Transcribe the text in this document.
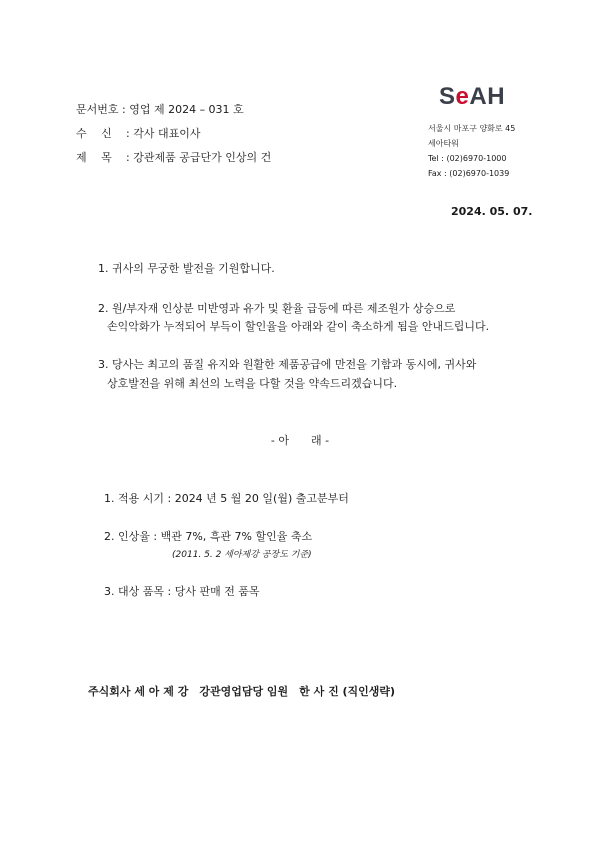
SeAH
서울시 마포구 양화로 45
세아타워
Tel : (02)6970-1000
Fax : (02)6970-1039
문서번호 : 영업 제 2024 – 031 호
수　 신 : 각사 대표이사
제　 목 : 강관제품 공급단가 인상의 건
2024. 05. 07.
1. 귀사의 무궁한 발전을 기원합니다.
2. 원/부자재 인상분 미반영과 유가 및 환율 급등에 따른 제조원가 상승으로
손익악화가 누적되어 부득이 할인율을 아래와 같이 축소하게 됨을 안내드립니다.
3. 당사는 최고의 품질 유지와 원활한 제품공급에 만전을 기함과 동시에, 귀사와
상호발전을 위해 최선의 노력을 다할 것을 약속드리겠습니다.
- 아　　래 -
1. 적용 시기 : 2024 년 5 월 20 일(월) 출고분부터
2. 인상율 : 백관 7%, 흑관 7% 할인율 축소
(2011. 5. 2 세아제강 공장도 기준)
3. 대상 품목 : 당사 판매 전 품목
주식회사 세 아 제 강　강관영업담당 임원　한 사 진 (직인생략)
